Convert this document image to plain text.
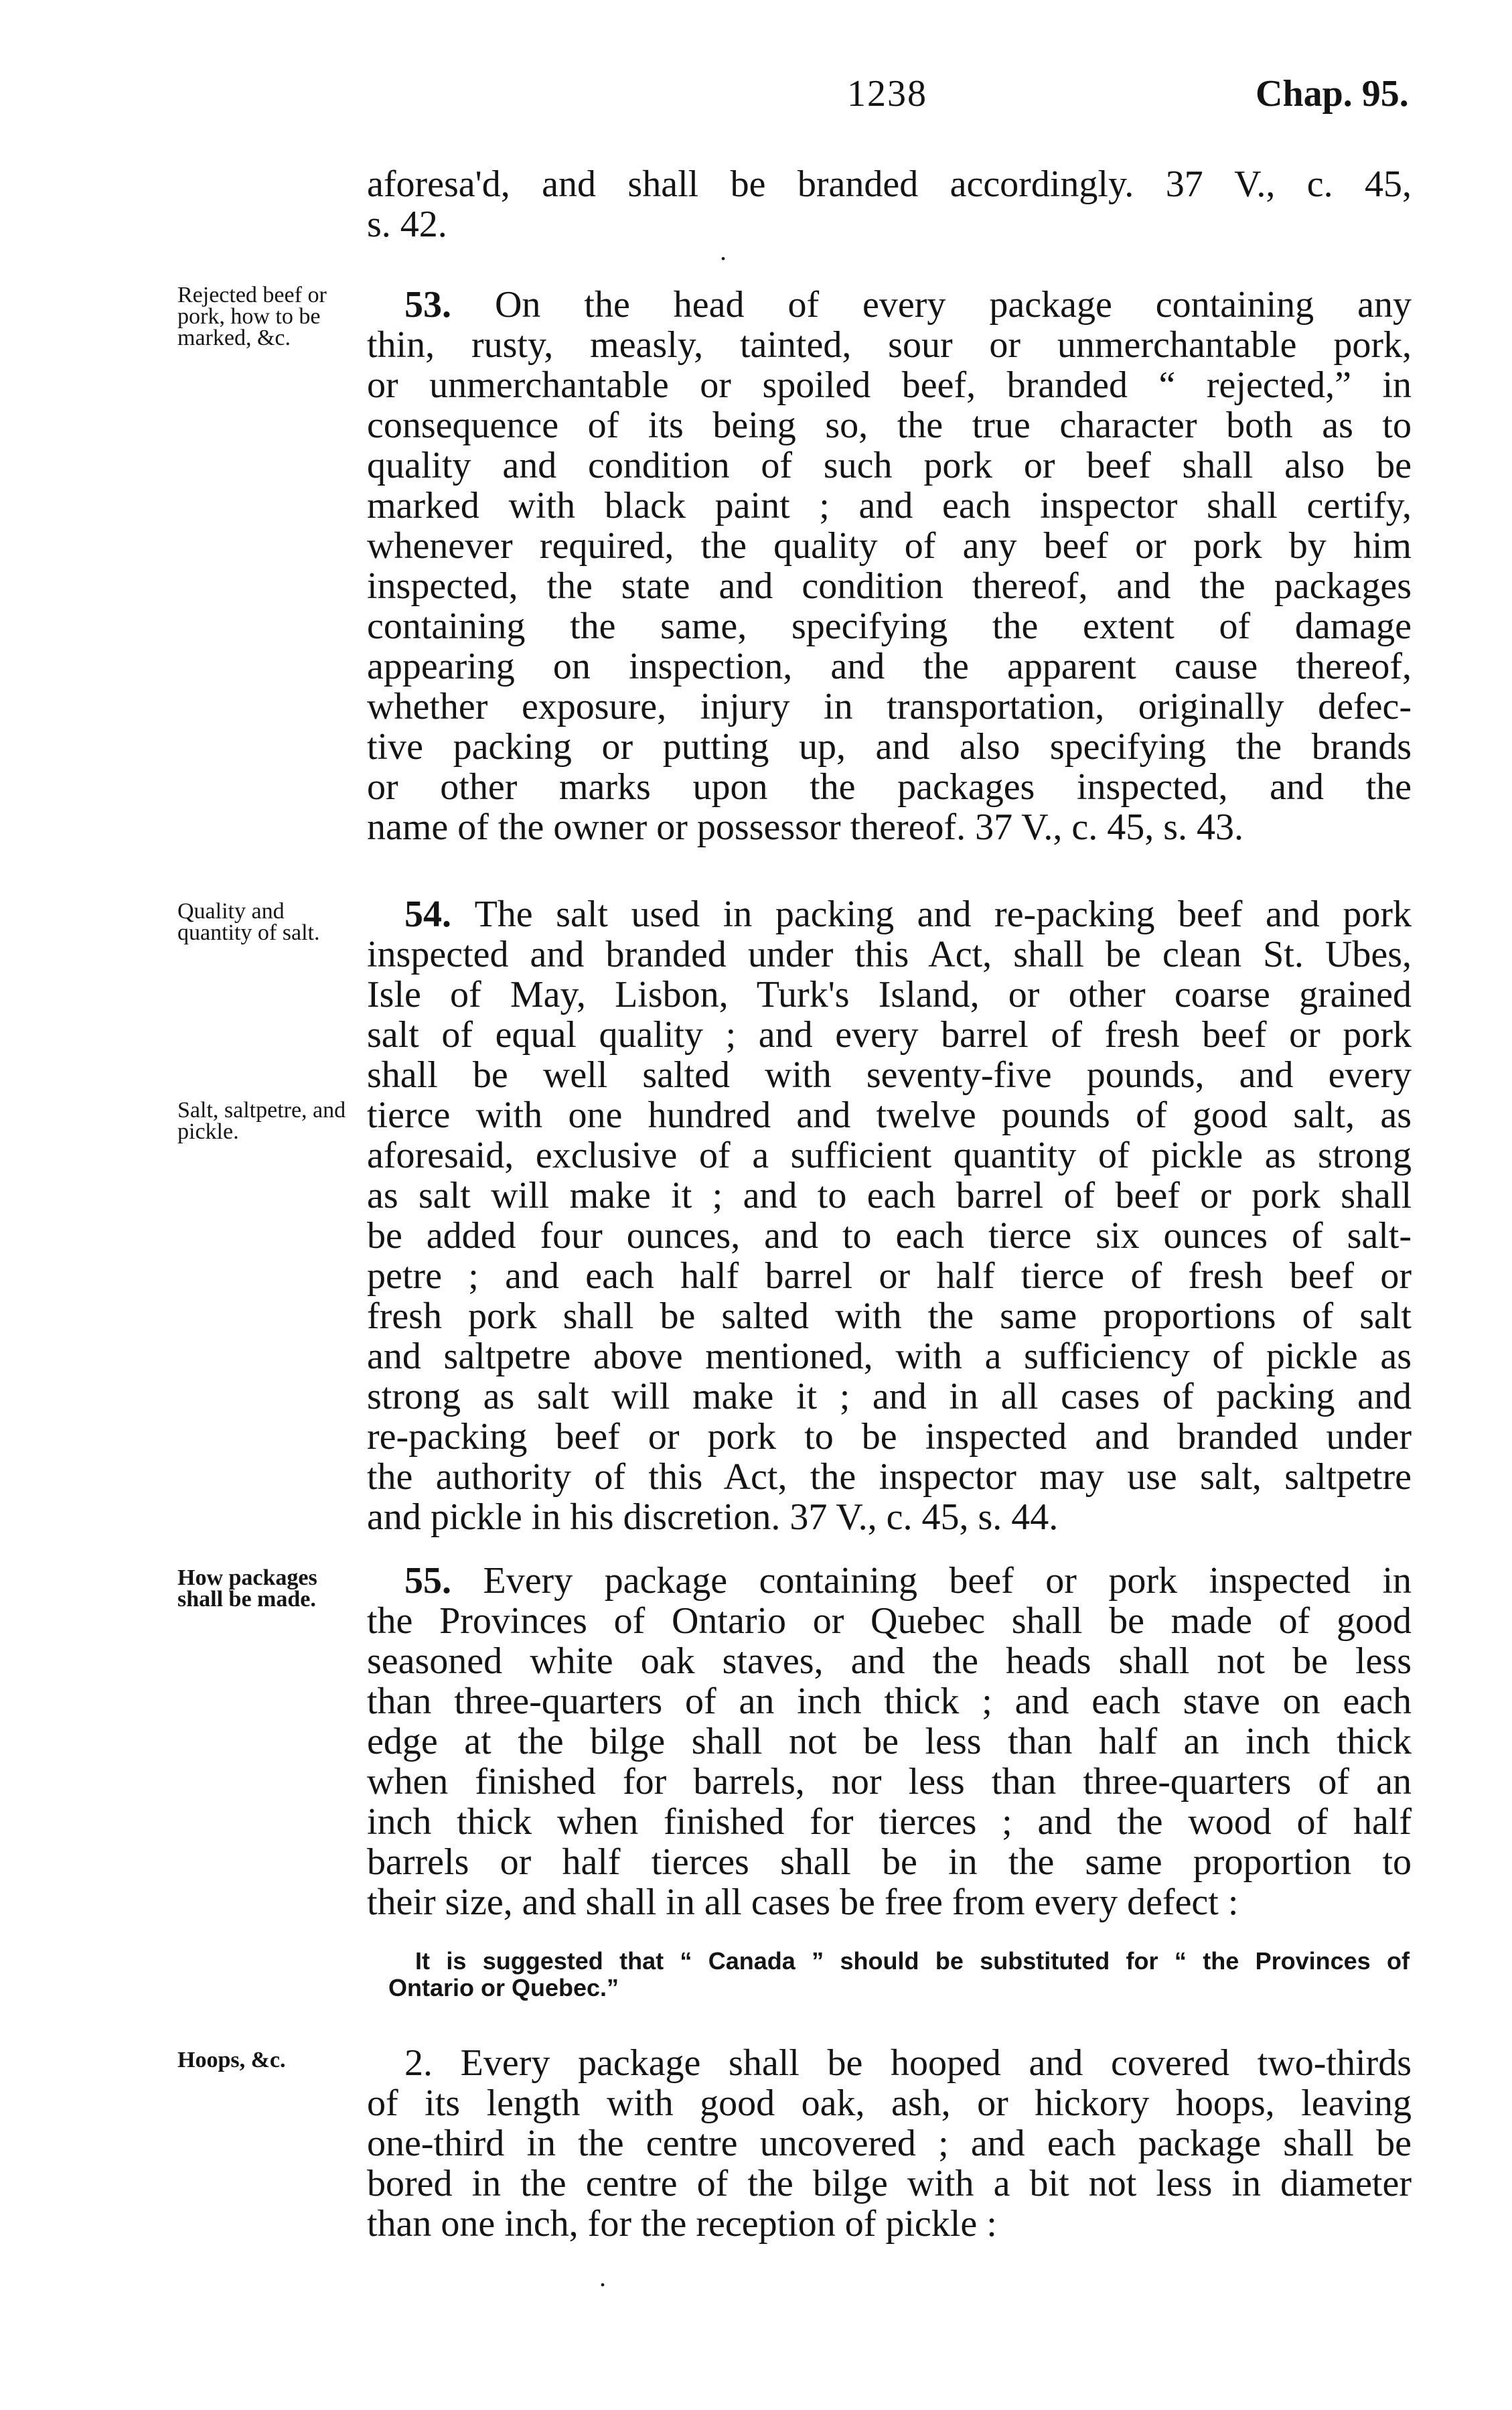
1238	Chap. 95.
aforesa'd, and shall be branded accordingly. 37 V., c. 45,
s. 42.
Rejected beef or pork, how to be marked, &c.
53. On the head of every package containing any
thin, rusty, measly, tainted, sour or unmerchantable pork,
or unmerchantable or spoiled beef, branded “ rejected,” in
consequence of its being so, the true character both as to
quality and condition of such pork or beef shall also be
marked with black paint ; and each inspector shall certify,
whenever required, the quality of any beef or pork by him
inspected, the state and condition thereof, and the packages
containing the same, specifying the extent of damage
appearing on inspection, and the apparent cause thereof,
whether exposure, injury in transportation, originally defec-
tive packing or putting up, and also specifying the brands
or other marks upon the packages inspected, and the
name of the owner or possessor thereof. 37 V., c. 45, s. 43.
Quality and quantity of salt.
Salt, saltpetre, and pickle.
54. The salt used in packing and re-packing beef and pork
inspected and branded under this Act, shall be clean St. Ubes,
Isle of May, Lisbon, Turk's Island, or other coarse grained
salt of equal quality ; and every barrel of fresh beef or pork
shall be well salted with seventy-five pounds, and every
tierce with one hundred and twelve pounds of good salt, as
aforesaid, exclusive of a sufficient quantity of pickle as strong
as salt will make it ; and to each barrel of beef or pork shall
be added four ounces, and to each tierce six ounces of salt-
petre ; and each half barrel or half tierce of fresh beef or
fresh pork shall be salted with the same proportions of salt
and saltpetre above mentioned, with a sufficiency of pickle as
strong as salt will make it ; and in all cases of packing and
re-packing beef or pork to be inspected and branded under
the authority of this Act, the inspector may use salt, saltpetre
and pickle in his discretion. 37 V., c. 45, s. 44.
How packages shall be made.	55. Every package containing beef or pork inspected in
the Provinces of Ontario or Quebec shall be made of good
seasoned white oak staves, and the heads shall not be less
than three-quarters of an inch thick ; and each stave on each
edge at the bilge shall not be less than half an inch thick
when finished for barrels, nor less than three-quarters of an
inch thick when finished for tierces ; and the wood of half
barrels or half tierces shall be in the same proportion to
their size, and shall in all cases be free from every defect :
It is suggested that “ Canada ” should be substituted for “ the Provinces of
Ontario or Quebec.”
Hoops, &c.	2. Every package shall be hooped and covered two-thirds
of its length with good oak, ash, or hickory hoops, leaving
one-third in the centre uncovered ; and each package shall be
bored in the centre of the bilge with a bit not less in diameter
than one inch, for the reception of pickle :
.
.
